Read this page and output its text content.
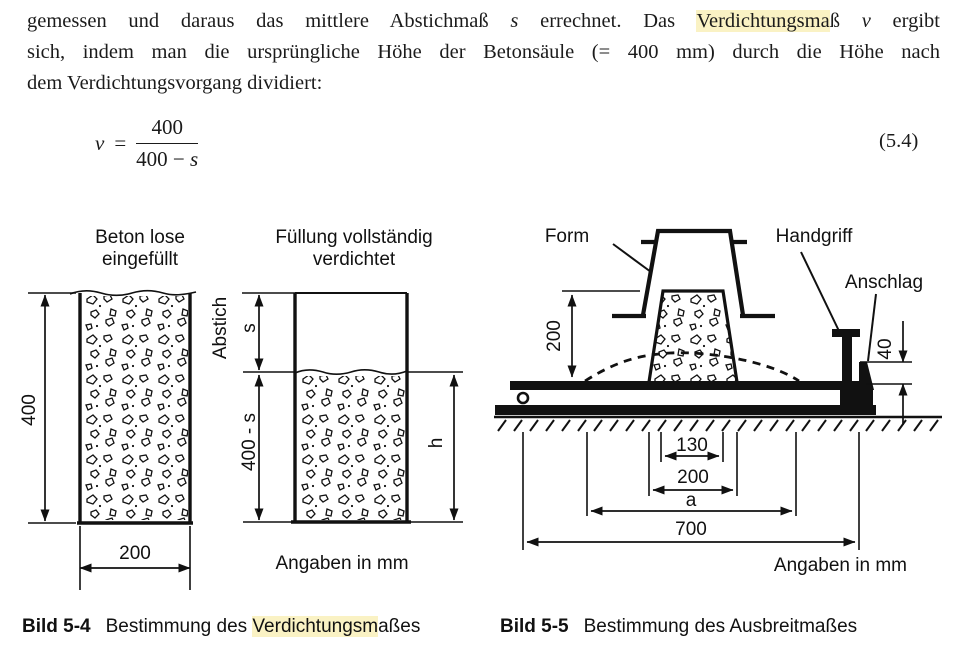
gemessen und daraus das mittlere Abstichmaß s errechnet. Das Verdichtungsmaß v ergibt
sich, indem man die ursprüngliche Höhe der Betonsäule (= 400 mm) durch die Höhe nach
dem Verdichtungsvorgang dividiert:
$v = \frac{400}{400 - s}$	(5.4)
Beton lose
eingefüllt
Füllung vollständig
verdichtet
400
200
Abstich s
400 - s	h
Angaben in mm
Form	Handgriff
Anschlag
200	40
130
200
a
700
Angaben in mm
Bild 5-4 Bestimmung des Verdichtungsmaßes	Bild 5-5 Bestimmung des Ausbreitmaßes
